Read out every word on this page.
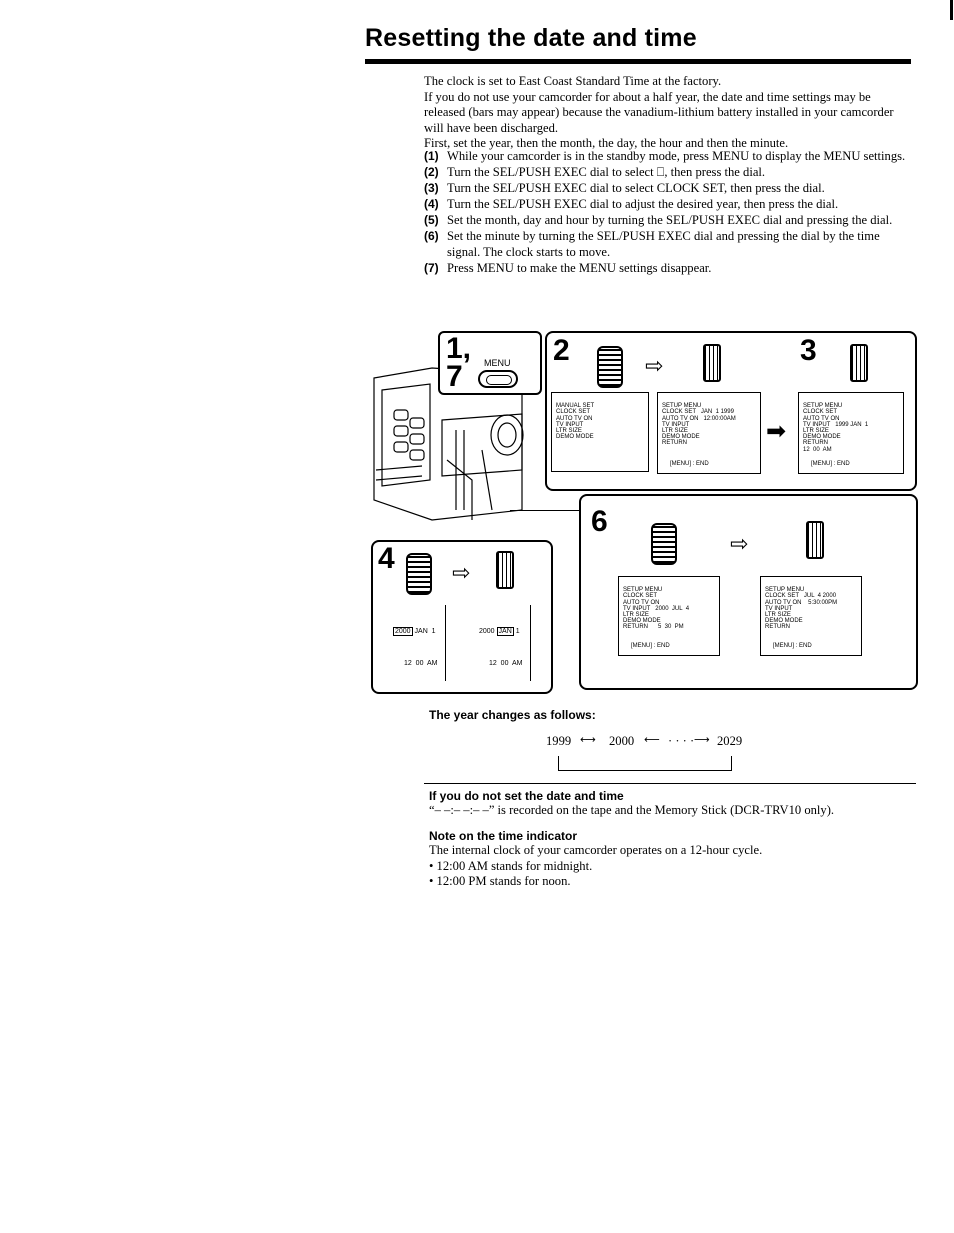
Resetting the date and time

The clock is set to East Coast Standard Time at the factory.

If you do not use your camcorder for about a half year, the date and time settings may be released (bars may appear) because the vanadium-lithium battery installed in your camcorder will have been discharged.

First, set the year, then the month, the day, the hour and then the minute.

(1) While your camcorder is in the standby mode, press MENU to display the MENU settings.

(2) Turn the SEL/PUSH EXEC dial to select ⎕, then press the dial.

(3) Turn the SEL/PUSH EXEC dial to select CLOCK SET, then press the dial.

(4) Turn the SEL/PUSH EXEC dial to adjust the desired year, then press the dial.

(5) Set the month, day and hour by turning the SEL/PUSH EXEC dial and pressing the dial.

(6) Set the minute by turning the SEL/PUSH EXEC dial and pressing the dial by the time signal. The clock starts to move.

(7) Press MENU to make the MENU settings disappear.

1,
7 MENU 2	⇨	3

MANUAL SET
CLOCK SET
AUTO TV ON
TV INPUT
LTR SIZE
DEMO MODE

SETUP MENU
CLOCK SET   JAN  1 1999
AUTO TV ON   12:00:00AM
TV INPUT
LTR SIZE
DEMO MODE
RETURN

[MENU] : END

➡

SETUP MENU
CLOCK SET
AUTO TV ON
TV INPUT   1999 JAN  1
LTR SIZE
DEMO MODE
RETURN
12  00  AM

[MENU] : END

4	⇨
2000 JAN  1
12  00  AM
2000 JAN 1
12  00  AM
6
⇨

SETUP MENU
CLOCK SET
AUTO TV ON
TV INPUT   2000  JUL  4
LTR SIZE
DEMO MODE
RETURN      5  30  PM

[MENU] : END

SETUP MENU
CLOCK SET   JUL  4 2000
AUTO TV ON    5:30:00PM
TV INPUT
LTR SIZE
DEMO MODE
RETURN

[MENU] : END

The year changes as follows:
1999 ⟷ 2000 ⟵ · · · · ⟶ 2029
If you do not set the date and time
“– –:– –:– –” is recorded on the tape and the Memory Stick (DCR-TRV10 only).
Note on the time indicator
The internal clock of your camcorder operates on a 12-hour cycle.
• 12:00 AM stands for midnight.
• 12:00 PM stands for noon.
